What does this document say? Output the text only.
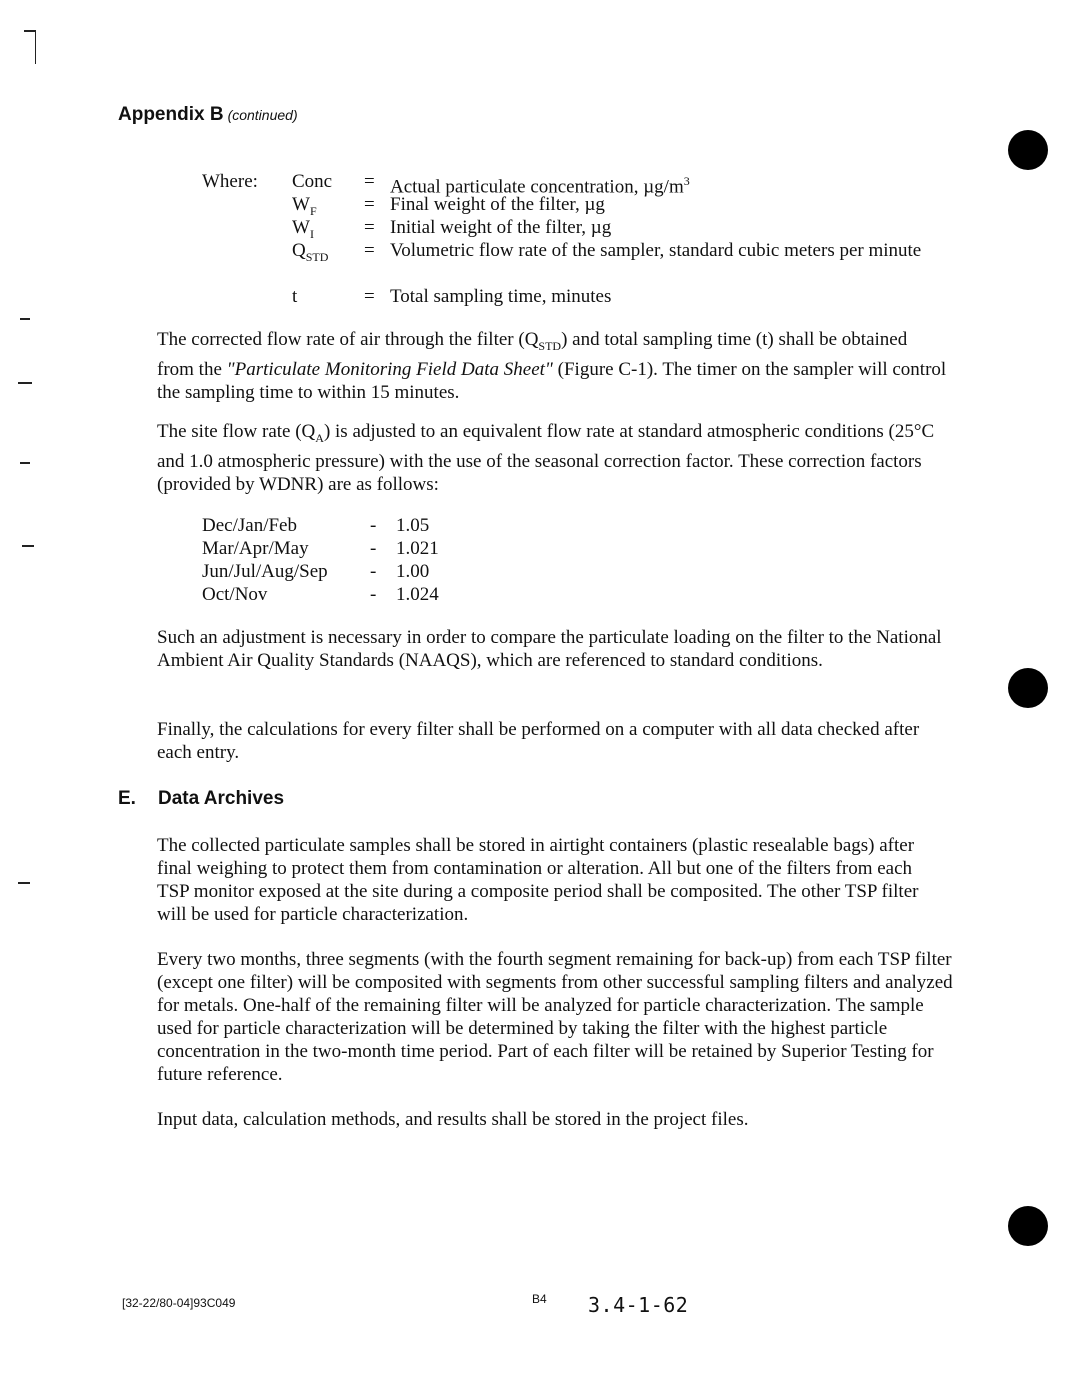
Appendix B (continued)
Where:	Conc	= Actual particulate concentration, $\mu g/m^3$
$W_F$	= Final weight of the filter, µg
$W_I$	= Initial weight of the filter, µg
$Q_{STD}$	= Volumetric flow rate of the sampler, standard cubic meters per minute
t	= Total sampling time, minutes
The corrected flow rate of air through the filter $(Q_{STD})$ and total sampling time (t) shall be obtained from the "Particulate Monitoring Field Data Sheet" (Figure C-1). The timer on the sampler will control the sampling time to within 15 minutes.
The site flow rate $(Q_A)$ is adjusted to an equivalent flow rate at standard atmospheric conditions (25°C and 1.0 atmospheric pressure) with the use of the seasonal correction factor. These correction factors (provided by WDNR) are as follows:
Dec/Jan/Feb	- 1.05
Mar/Apr/May	- 1.021
Jun/Jul/Aug/Sep - 1.00
Oct/Nov	- 1.024
Such an adjustment is necessary in order to compare the particulate loading on the filter to the National Ambient Air Quality Standards (NAAQS), which are referenced to standard conditions.
Finally, the calculations for every filter shall be performed on a computer with all data checked after each entry.
E. Data Archives
The collected particulate samples shall be stored in airtight containers (plastic resealable bags) after final weighing to protect them from contamination or alteration. All but one of the filters from each TSP monitor exposed at the site during a composite period shall be composited. The other TSP filter will be used for particle characterization.
Every two months, three segments (with the fourth segment remaining for back-up) from each TSP filter (except one filter) will be composited with segments from other successful sampling filters and analyzed for metals. One-half of the remaining filter will be analyzed for particle characterization. The sample used for particle characterization will be determined by taking the filter with the highest particle concentration in the two-month time period. Part of each filter will be retained by Superior Testing for future reference.
Input data, calculation methods, and results shall be stored in the project files.
[32-22/80-04]93C049	B4 3.4-1-62
